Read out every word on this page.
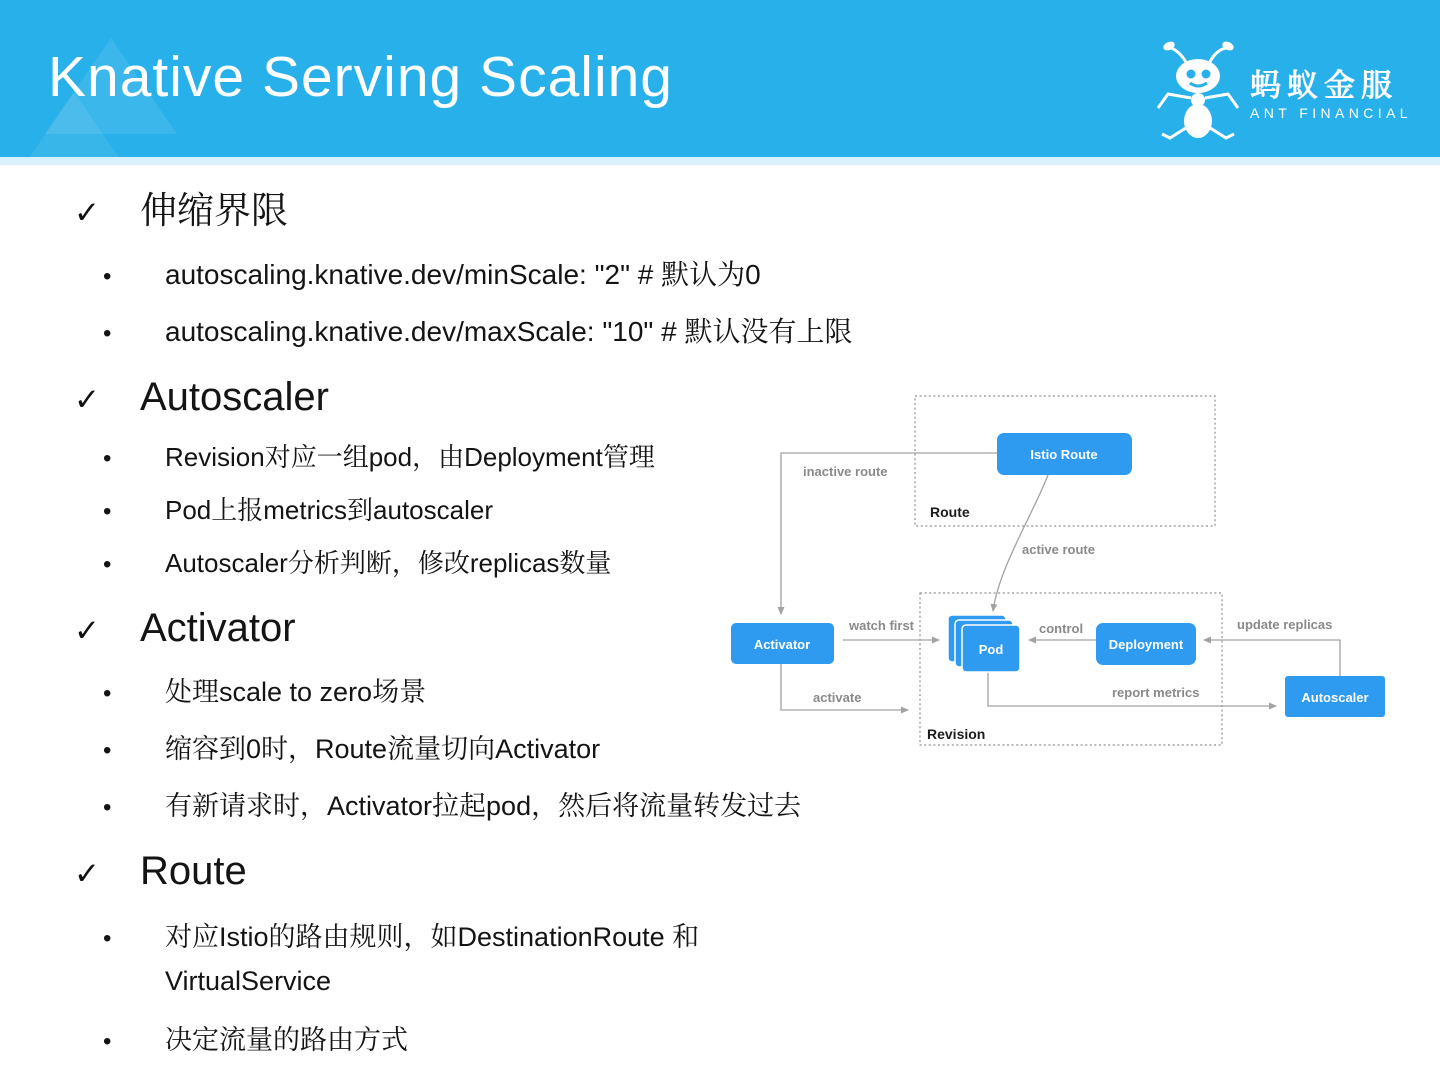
Knative Serving Scaling	蚂蚁金服
ANT FINANCIAL
✓	伸缩界限
•	autoscaling.knative.dev/minScale: "2" # 默认为0
•	autoscaling.knative.dev/maxScale: "10" # 默认没有上限
✓	Autoscaler
•	Revision对应一组pod，由Deployment管理
•	Pod上报metrics到autoscaler
•	Autoscaler分析判断，修改replicas数量
✓	Activator
•	处理scale to zero场景
•	缩容到0时，Route流量切向Activator
•	有新请求时，Activator拉起pod，然后将流量转发过去
✓	Route
•	对应Istio的路由规则，如DestinationRoute 和 VirtualService
•	决定流量的路由方式
Route
Revision
inactive route
active route
watch first	control	update replicas
activate	report metrics
Istio Route
Activator	Pod	Deployment
Autoscaler
